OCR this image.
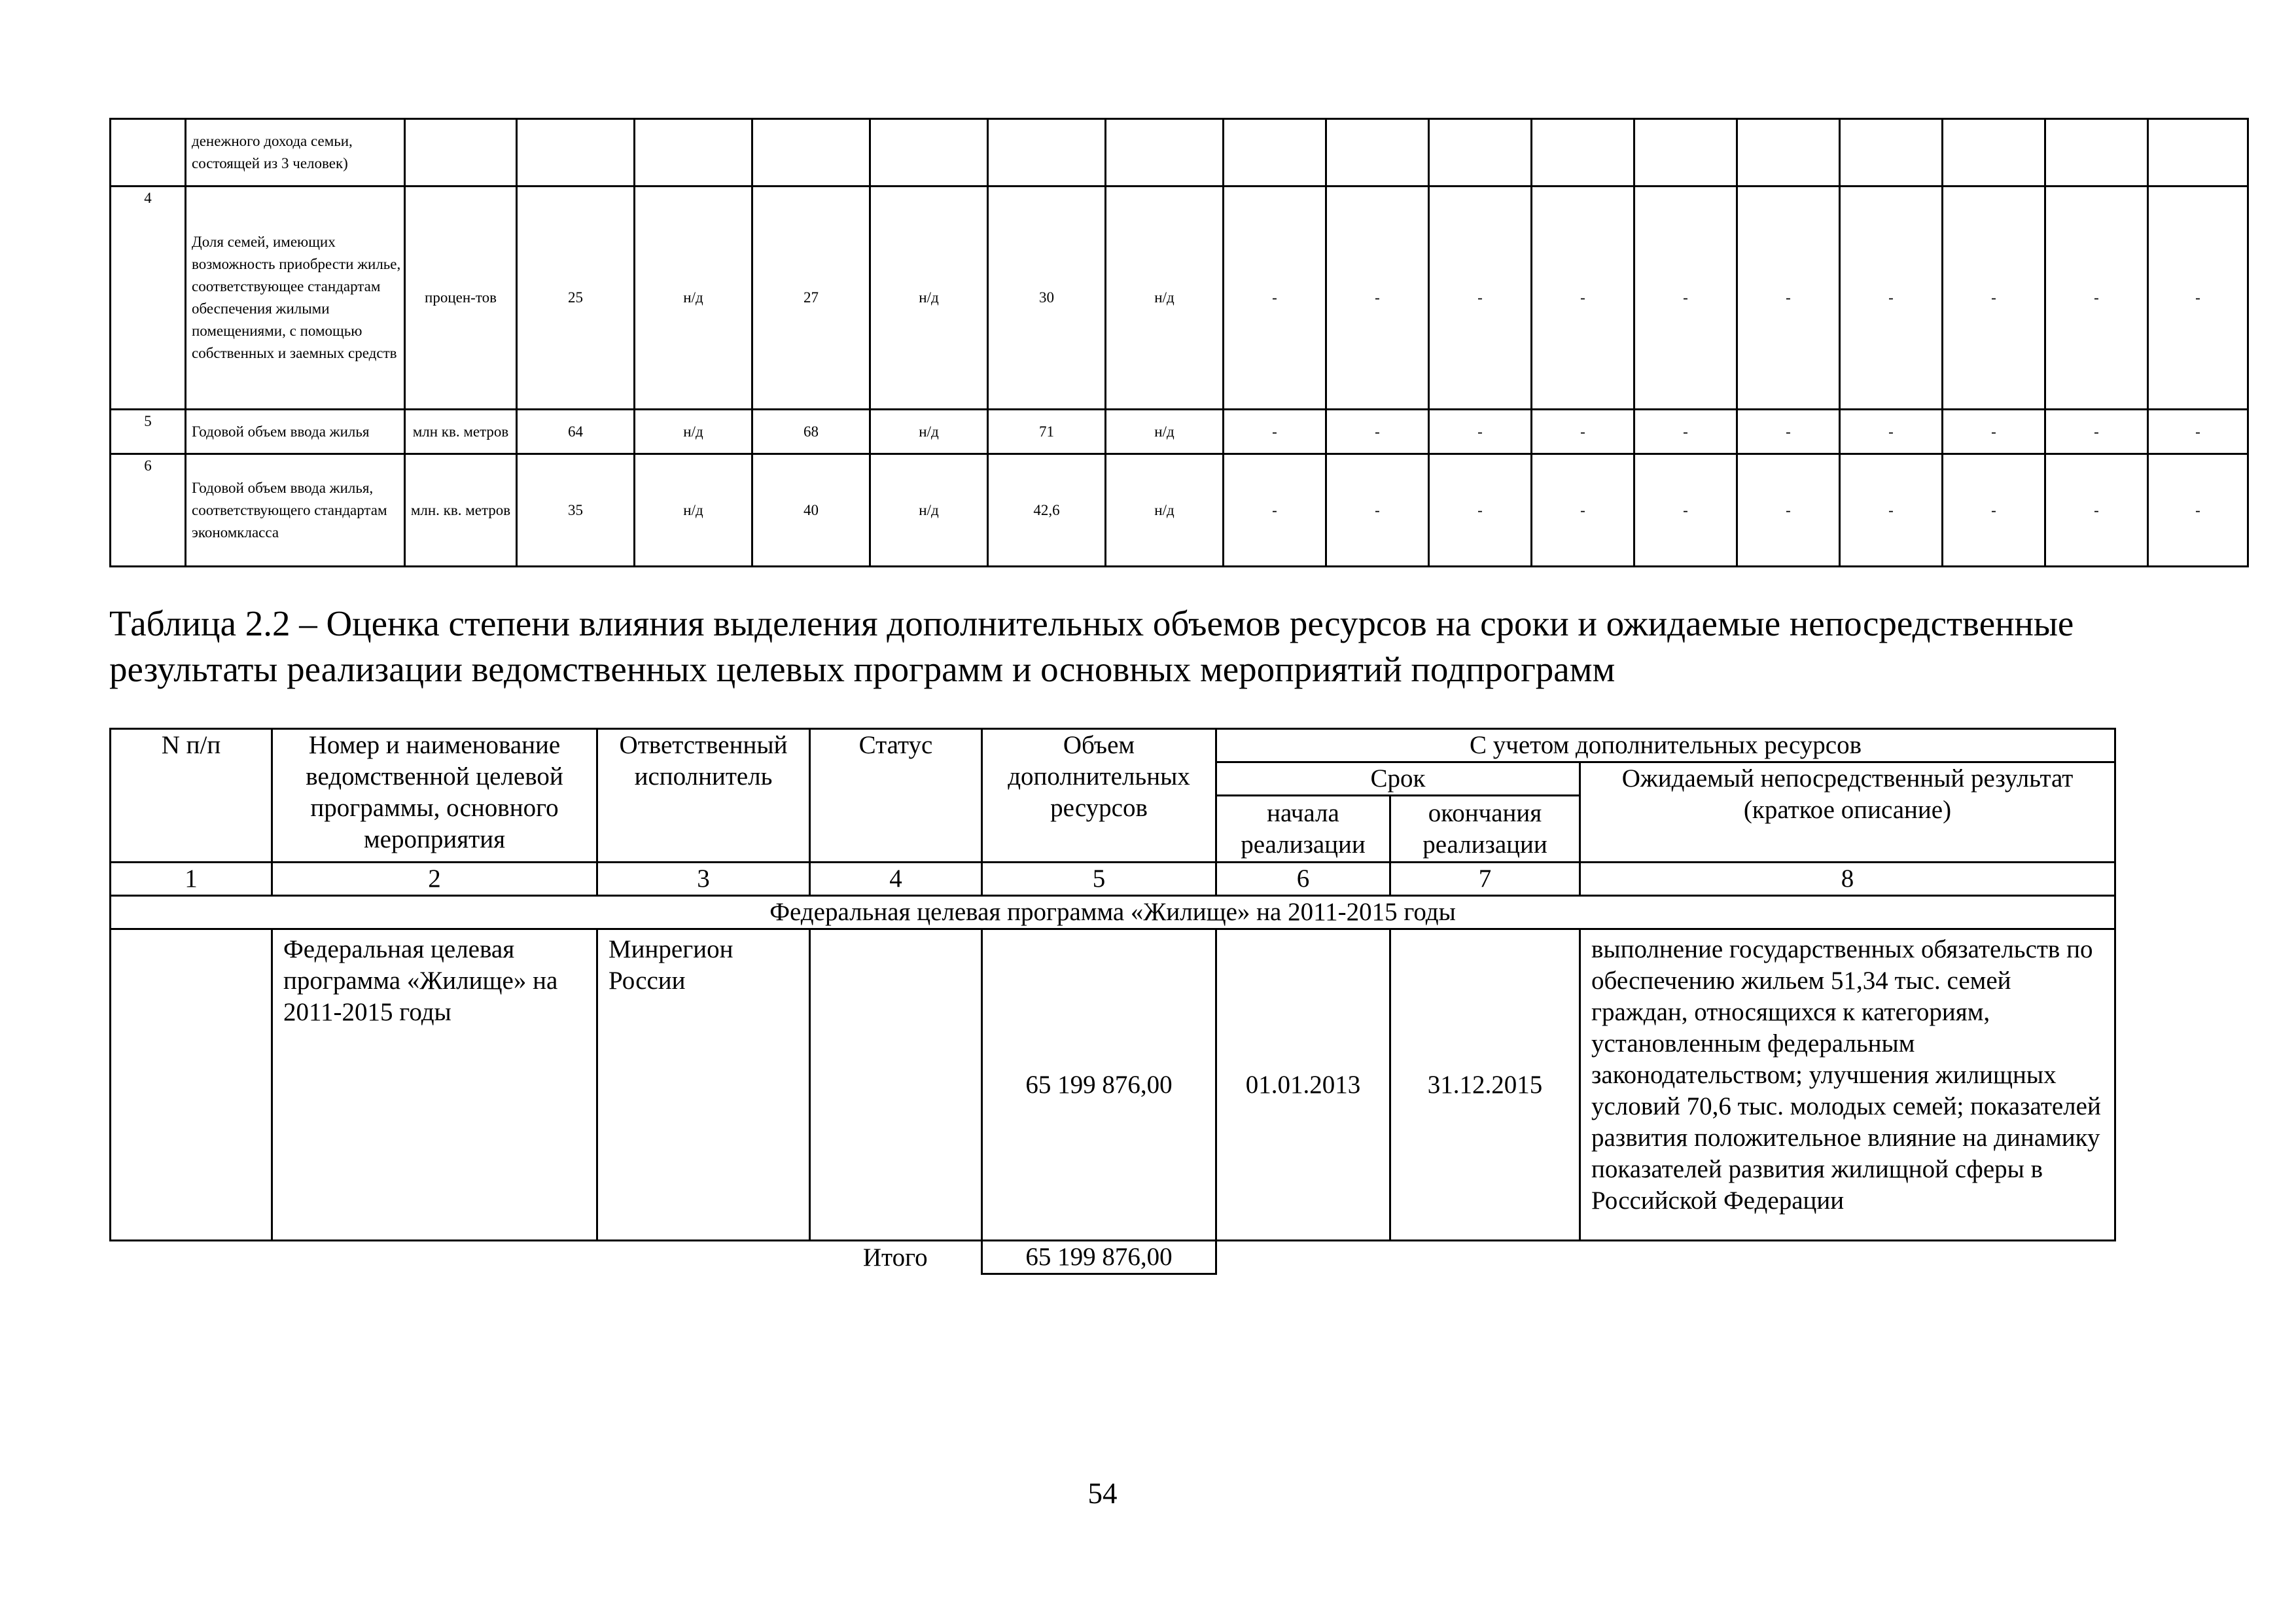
	денежного дохода семьи, состоящей из 3 человек)																	
4	Доля семей, имеющих возможность приобрести жилье, соответствующее стандартам обеспечения жилыми помещениями, с помощью собственных и заемных средств	процен-тов	25	н/д	27	н/д	30	н/д	-	-	-	-	-	-	-	-	-	-
5	Годовой объем ввода жилья	млн кв. метров	64	н/д	68	н/д	71	н/д	-	-	-	-	-	-	-	-	-	-
6	Годовой объем ввода жилья, соответствующего стандартам экономкласса	млн. кв. метров	35	н/д	40	н/д	42,6	н/д	-	-	-	-	-	-	-	-	-	-
Таблица 2.2 – Оценка степени влияния выделения дополнительных объемов ресурсов на сроки и ожидаемые непосредственные результаты реализации ведомственных целевых программ и основных мероприятий подпрограмм
N п/п	Номер и наименование ведомственной целевой программы, основного мероприятия	Ответственный исполнитель	Статус	Объем дополнительных ресурсов	С учетом дополнительных ресурсов		
					Срок		Ожидаемый непосредственный результат (краткое описание)
					начала реализации	окончания реализации	
1	2	3	4	5	6	7	8
Федеральная целевая программа «Жилище» на 2011-2015 годы							
	Федеральная целевая программа «Жилище» на 2011-2015 годы	Минрегион России		65 199 876,00	01.01.2013	31.12.2015	выполнение государственных обязательств по обеспечению жильем 51,34 тыс. семей граждан, относящихся к категориям, установленным федеральным законодательством; улучшения жилищных условий 70,6 тыс. молодых семей; показателей развития положительное влияние на динамику показателей развития жилищной сферы в Российской Федерации
			Итого	65 199 876,00			
54
